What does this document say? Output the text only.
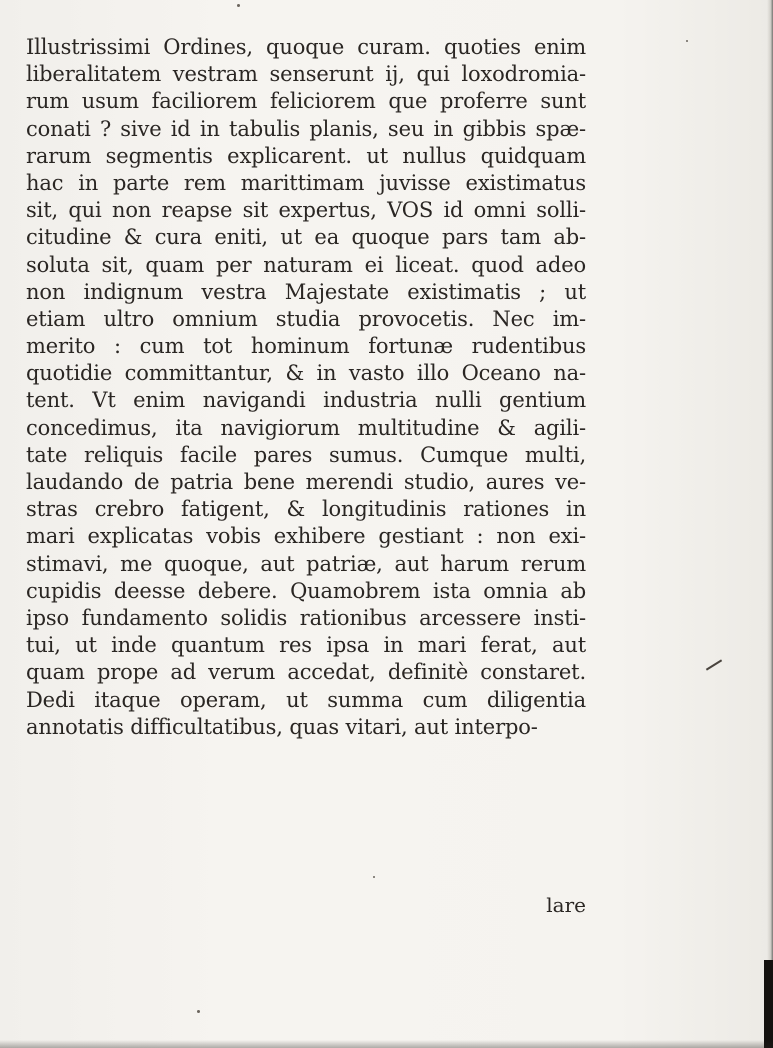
Illustrissimi Ordines, quoque curam. quoties enim
liberalitatem vestram senserunt ij, qui loxodromia-
rum usum faciliorem feliciorem que proferre sunt
conati ? sive id in tabulis planis, seu in gibbis spæ-
rarum segmentis explicarent. ut nullus quidquam
hac in parte rem marittimam juvisse existimatus
sit, qui non reapse sit expertus, VOS id omni solli-
citudine & cura eniti, ut ea quoque pars tam ab-
soluta sit, quam per naturam ei liceat. quod adeo
non indignum vestra Majestate existimatis ; ut
etiam ultro omnium studia provocetis. Nec im-
merito : cum tot hominum fortunæ rudentibus
quotidie committantur, & in vasto illo Oceano na-
tent. Vt enim navigandi industria nulli gentium
concedimus, ita navigiorum multitudine & agili-
tate reliquis facile pares sumus. Cumque multi,
laudando de patria bene merendi studio, aures ve-
stras crebro fatigent, & longitudinis rationes in
mari explicatas vobis exhibere gestiant : non exi-
stimavi, me quoque, aut patriæ, aut harum rerum
cupidis deesse debere. Quamobrem ista omnia ab
ipso fundamento solidis rationibus arcessere insti-
tui, ut inde quantum res ipsa in mari ferat, aut
quam prope ad verum accedat, definitè constaret.
Dedi itaque operam, ut summa cum diligentia
annotatis difficultatibus, quas vitari, aut interpo-
lare
